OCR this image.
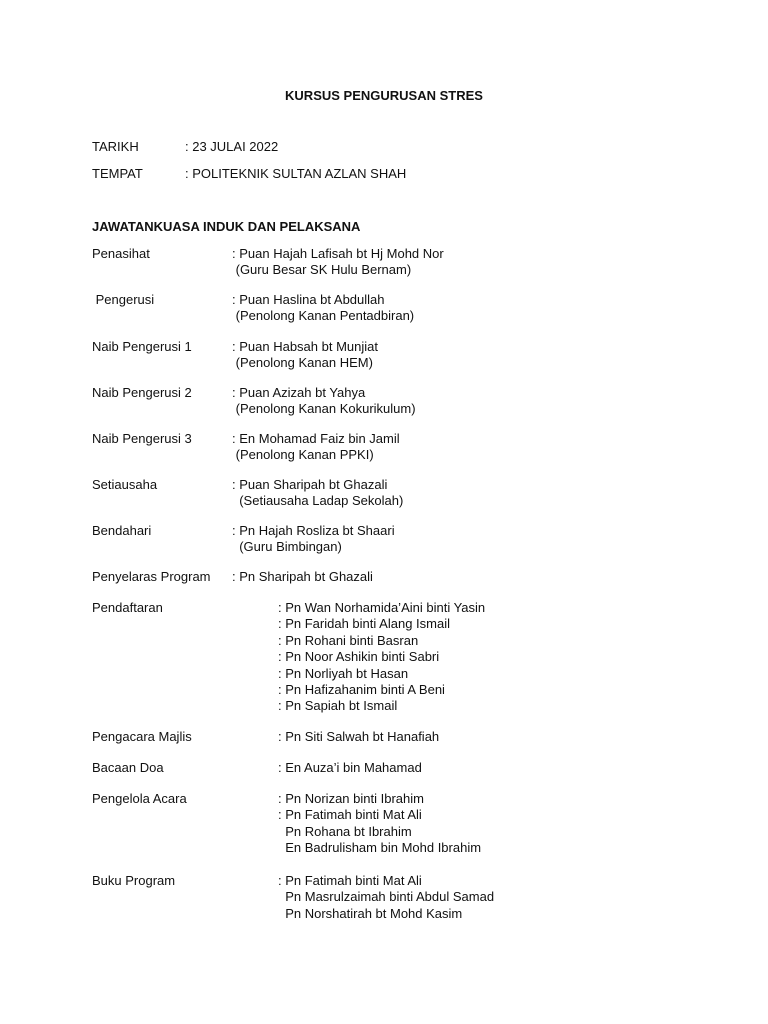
KURSUS PENGURUSAN STRES
TARIKH	: 23 JULAI 2022
TEMPAT	: POLITEKNIK SULTAN AZLAN SHAH
JAWATANKUASA INDUK DAN PELAKSANA
Penasihat	: Puan Hajah Lafisah bt Hj Mohd Nor
(Guru Besar SK Hulu Bernam)
Pengerusi	: Puan Haslina bt Abdullah
(Penolong Kanan Pentadbiran)
Naib Pengerusi 1	: Puan Habsah bt Munjiat
(Penolong Kanan HEM)
Naib Pengerusi 2	: Puan Azizah bt Yahya
(Penolong Kanan Kokurikulum)
Naib Pengerusi 3	: En Mohamad Faiz bin Jamil
(Penolong Kanan PPKI)
Setiausaha	: Puan Sharipah bt Ghazali
(Setiausaha Ladap Sekolah)
Bendahari	: Pn Hajah Rosliza bt Shaari
(Guru Bimbingan)
Penyelaras Program : Pn Sharipah bt Ghazali
Pendaftaran	: Pn Wan Norhamida’Aini binti Yasin
: Pn Faridah binti Alang Ismail
: Pn Rohani binti Basran
: Pn Noor Ashikin binti Sabri
: Pn Norliyah bt Hasan
: Pn Hafizahanim binti A Beni
: Pn Sapiah bt Ismail
Pengacara Majlis	: Pn Siti Salwah bt Hanafiah
Bacaan Doa	: En Auza’i bin Mahamad
Pengelola Acara	: Pn Norizan binti Ibrahim
: Pn Fatimah binti Mat Ali
Pn Rohana bt Ibrahim
En Badrulisham bin Mohd Ibrahim
Buku Program	: Pn Fatimah binti Mat Ali
Pn Masrulzaimah binti Abdul Samad
Pn Norshatirah bt Mohd Kasim
